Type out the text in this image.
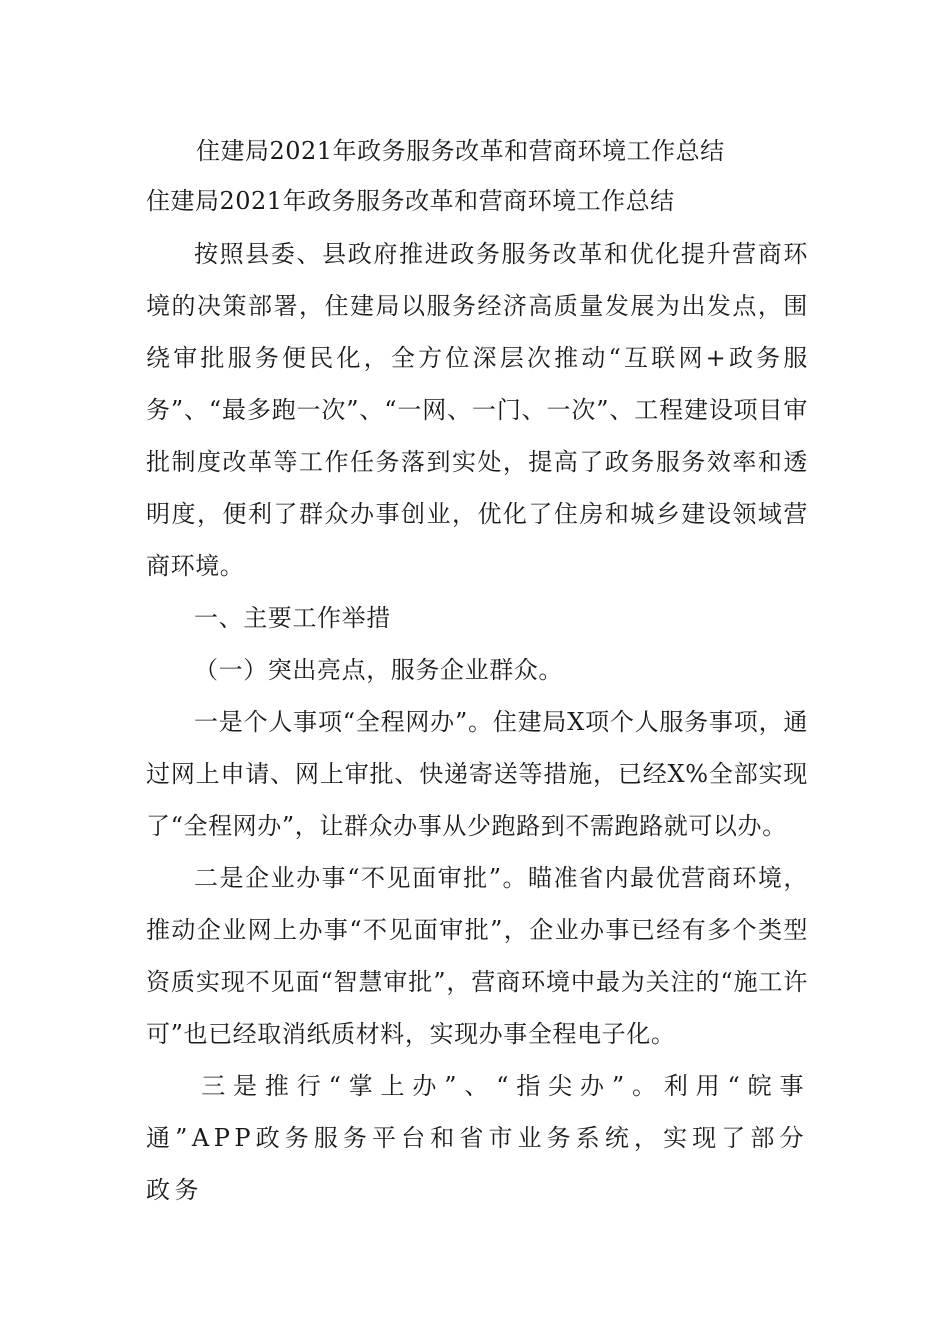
住建局2021年政务服务改革和营商环境工作总结
住建局2021年政务服务改革和营商环境工作总结

按照县委、县政府推进政务服务改革和优化提升营商环境的决策部署，住建局以服务经济高质量发展为出发点，围绕审批服务便民化，全方位深层次推动“互联网+政务服务”、“最多跑一次”、“一网、一门、一次”、工程建设项目审批制度改革等工作任务落到实处，提高了政务服务效率和透明度，便利了群众办事创业，优化了住房和城乡建设领域营商环境。

一、主要工作举措

（一）突出亮点，服务企业群众。

一是个人事项“全程网办”。住建局X项个人服务事项，通过网上申请、网上审批、快递寄送等措施，已经X%全部实现了“全程网办”，让群众办事从少跑路到不需跑路就可以办。

二是企业办事“不见面审批”。瞄准省内最优营商环境，推动企业网上办事“不见面审批”，企业办事已经有多个类型资质实现不见面“智慧审批”，营商环境中最为关注的“施工许可”也已经取消纸质材料，实现办事全程电子化。

三是推行“掌上办”、“指尖办”。利用“皖事通”APP政务服务平台和省市业务系统，实现了部分政务
